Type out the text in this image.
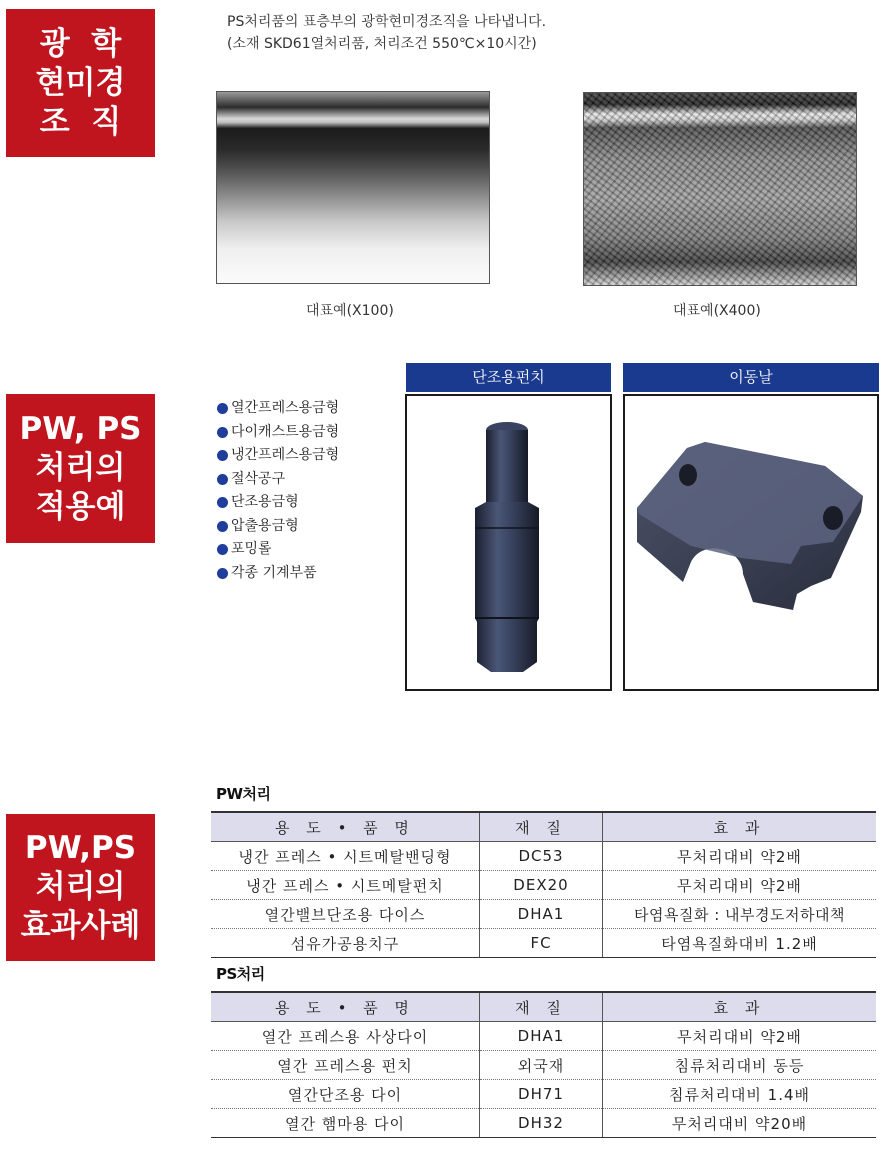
광  학
현미경
조  직
PW, PS
처리의
적용예
PW,PS
처리의
효과사례
PS처리품의 표층부의 광학현미경조직을 나타냅니다.
(소재 SKD61열처리품, 처리조건 550℃×10시간)
대표예(X100)	대표예(X400)
열간프레스용금형
다이캐스트용금형
냉간프레스용금형
절삭공구
단조용금형
압출용금형
포밍롤
각종 기계부품
단조용펀치	이동날
PW처리
용 도 • 품 명	재 질	효 과
냉간 프레스 • 시트메탈밴딩형	DC53	무처리대비 약2배
냉간 프레스 • 시트메탈펀치	DEX20	무처리대비 약2배
열간밸브단조용 다이스	DHA1	타염욕질화 : 내부경도저하대책
섬유가공용치구	FC	타염욕질화대비 1.2배
PS처리
용 도 • 품 명	재 질	효 과
열간 프레스용 사상다이	DHA1	무처리대비 약2배
열간 프레스용 펀치	외국재	침류처리대비 동등
열간단조용 다이	DH71	침류처리대비 1.4배
열간 햄마용 다이	DH32	무처리대비 약20배
